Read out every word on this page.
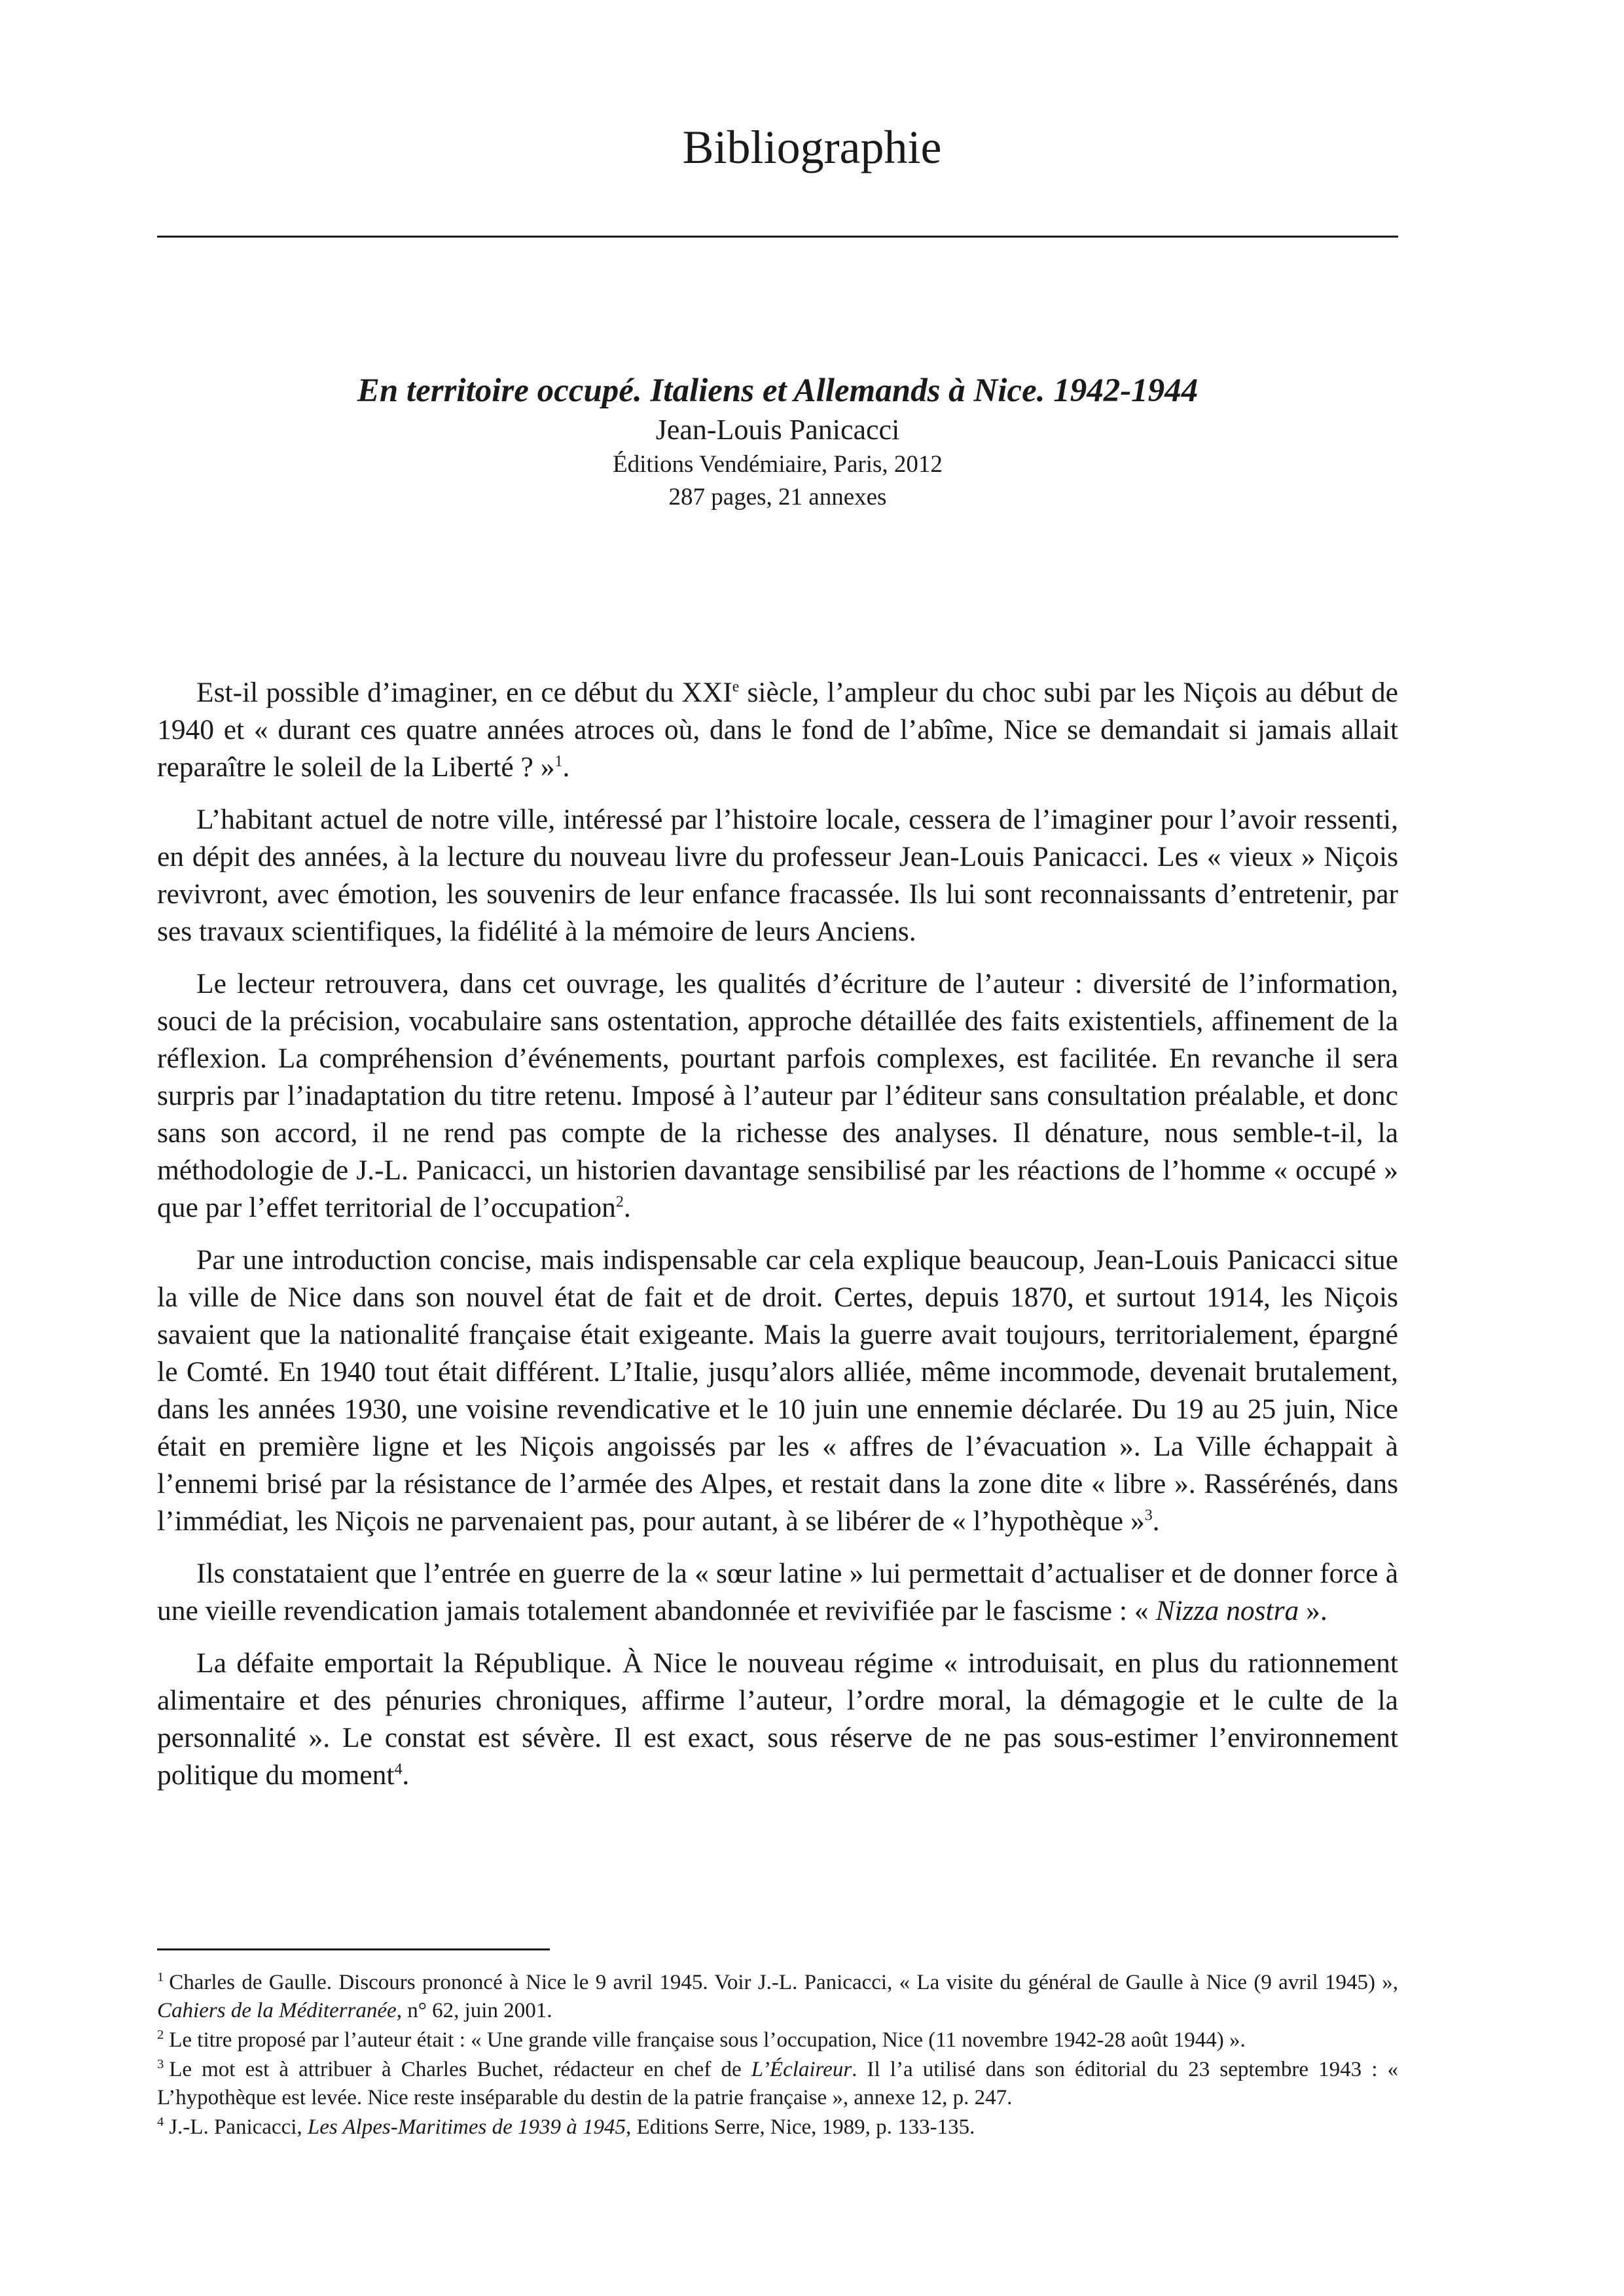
Bibliographie
En territoire occupé. Italiens et Allemands à Nice. 1942-1944
Jean-Louis Panicacci
Éditions Vendémiaire, Paris, 2012
287 pages, 21 annexes

Est-il possible d’imaginer, en ce début du XXIe siècle, l’ampleur du choc subi par les Niçois au début de 1940 et « durant ces quatre années atroces où, dans le fond de l’abîme, Nice se demandait si jamais allait reparaître le soleil de la Liberté ? »$^1$.

L’habitant actuel de notre ville, intéressé par l’histoire locale, cessera de l’imaginer pour l’avoir ressenti, en dépit des années, à la lecture du nouveau livre du professeur Jean-Louis Panicacci. Les « vieux » Niçois revivront, avec émotion, les souvenirs de leur enfance fracassée. Ils lui sont reconnaissants d’entretenir, par ses travaux scientifiques, la fidélité à la mémoire de leurs Anciens.

Le lecteur retrouvera, dans cet ouvrage, les qualités d’écriture de l’auteur : diversité de l’information, souci de la précision, vocabulaire sans ostentation, approche détaillée des faits existentiels, affinement de la réflexion. La compréhension d’événements, pourtant parfois complexes, est facilitée. En revanche il sera surpris par l’inadaptation du titre retenu. Imposé à l’auteur par l’éditeur sans consultation préalable, et donc sans son accord, il ne rend pas compte de la richesse des analyses. Il dénature, nous semble-t-il, la méthodologie de J.-L. Panicacci, un historien davantage sensibilisé par les réactions de l’homme « occupé » que par l’effet territorial de l’occupation$^2$.

Par une introduction concise, mais indispensable car cela explique beaucoup, Jean-Louis Panicacci situe la ville de Nice dans son nouvel état de fait et de droit. Certes, depuis 1870, et surtout 1914, les Niçois savaient que la nationalité française était exigeante. Mais la guerre avait toujours, territorialement, épargné le Comté. En 1940 tout était différent. L’Italie, jusqu’alors alliée, même incommode, devenait brutalement, dans les années 1930, une voisine revendicative et le 10 juin une ennemie déclarée. Du 19 au 25 juin, Nice était en première ligne et les Niçois angoissés par les « affres de l’évacuation ». La Ville échappait à l’ennemi brisé par la résistance de l’armée des Alpes, et restait dans la zone dite « libre ». Rassérénés, dans l’immédiat, les Niçois ne parvenaient pas, pour autant, à se libérer de « l’hypothèque »$^3$.

Ils constataient que l’entrée en guerre de la « sœur latine » lui permettait d’actualiser et de donner force à une vieille revendication jamais totalement abandonnée et revivifiée par le fascisme : « Nizza nostra ».

La défaite emportait la République. À Nice le nouveau régime « introduisait, en plus du rationnement alimentaire et des pénuries chroniques, affirme l’auteur, l’ordre moral, la démagogie et le culte de la personnalité ». Le constat est sévère. Il est exact, sous réserve de ne pas sous-estimer l’environnement politique du moment$^4$.

$^1$ Charles de Gaulle. Discours prononcé à Nice le 9 avril 1945. Voir J.-L. Panicacci, « La visite du général de Gaulle à Nice (9 avril 1945) », Cahiers de la Méditerranée, n° 62, juin 2001.

$^2$ Le titre proposé par l’auteur était : « Une grande ville française sous l’occupation, Nice (11 novembre 1942-28 août 1944) ».

$^3$ Le mot est à attribuer à Charles Buchet, rédacteur en chef de L’Éclaireur. Il l’a utilisé dans son éditorial du 23 septembre 1943 : « L’hypothèque est levée. Nice reste inséparable du destin de la patrie française », annexe 12, p. 247.

$^4$ J.-L. Panicacci, Les Alpes-Maritimes de 1939 à 1945, Editions Serre, Nice, 1989, p. 133-135.
